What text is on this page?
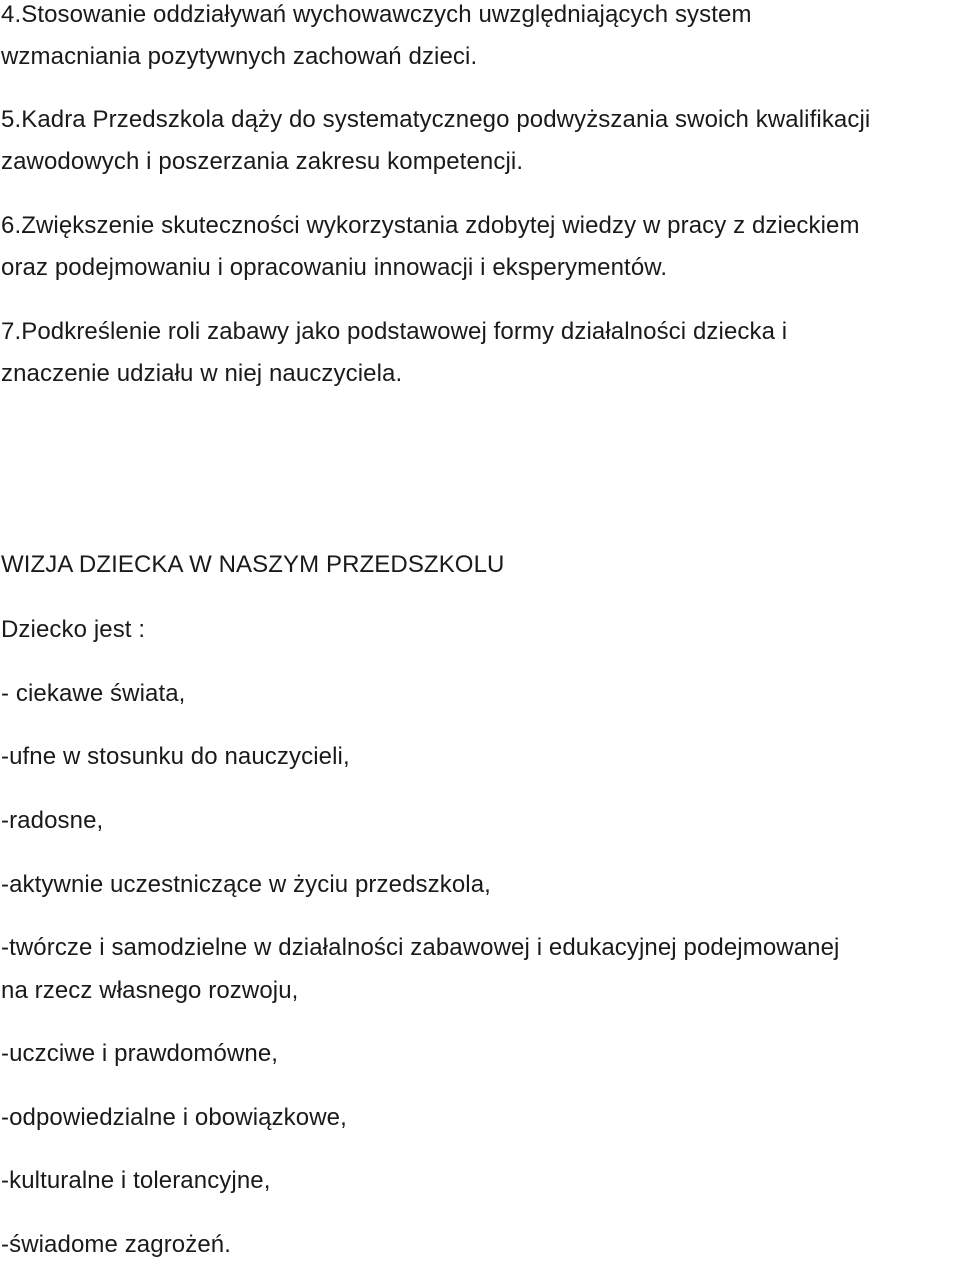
4.Stosowanie oddziaływań wychowawczych uwzględniających system

wzmacniania pozytywnych zachowań dzieci.

5.Kadra Przedszkola dąży do systematycznego podwyższania swoich kwalifikacji

zawodowych i poszerzania zakresu kompetencji.

6.Zwiększenie skuteczności wykorzystania zdobytej wiedzy w pracy z dzieckiem

oraz podejmowaniu i opracowaniu innowacji i eksperymentów.

7.Podkreślenie roli zabawy jako podstawowej formy działalności dziecka i

znaczenie udziału w niej nauczyciela.

WIZJA DZIECKA W NASZYM PRZEDSZKOLU

Dziecko jest :

- ciekawe świata,

-ufne w stosunku do nauczycieli,

-radosne,

-aktywnie uczestniczące w życiu przedszkola,

-twórcze i samodzielne w działalności zabawowej i edukacyjnej podejmowanej

na rzecz własnego rozwoju,

-uczciwe i prawdomówne,

-odpowiedzialne i obowiązkowe,

-kulturalne i tolerancyjne,

-świadome zagrożeń.
